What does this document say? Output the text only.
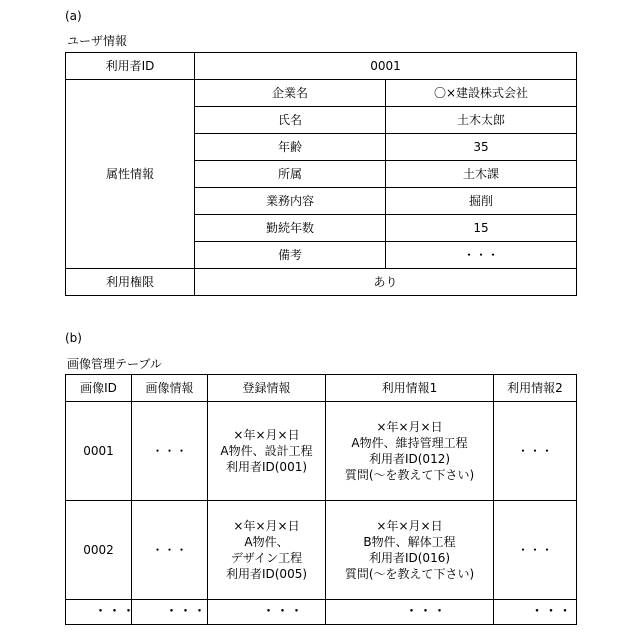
(a)
ユーザ情報
利用者ID	0001
属性情報	企業名	〇×建設株式会社
氏名	土木太郎
年齢	35
所属	土木課
業務内容	掘削
勤続年数	15
備考	・・・
利用権限	あり
(b)
画像管理テーブル
画像ID	画像情報	登録情報	利用情報1	利用情報2
0001	・・・	
×年×月×日
A物件、設計工程
利用者ID(001)

×年×月×日
A物件、維持管理工程
利用者ID(012)
質問(～を教えて下さい)
	・・・
0002	・・・	
×年×月×日
A物件、
デザイン工程
利用者ID(005)

×年×月×日
B物件、解体工程
利用者ID(016)
質問(～を教えて下さい)
	・・・
・・・	・・・	・・・	・・・	・・・
